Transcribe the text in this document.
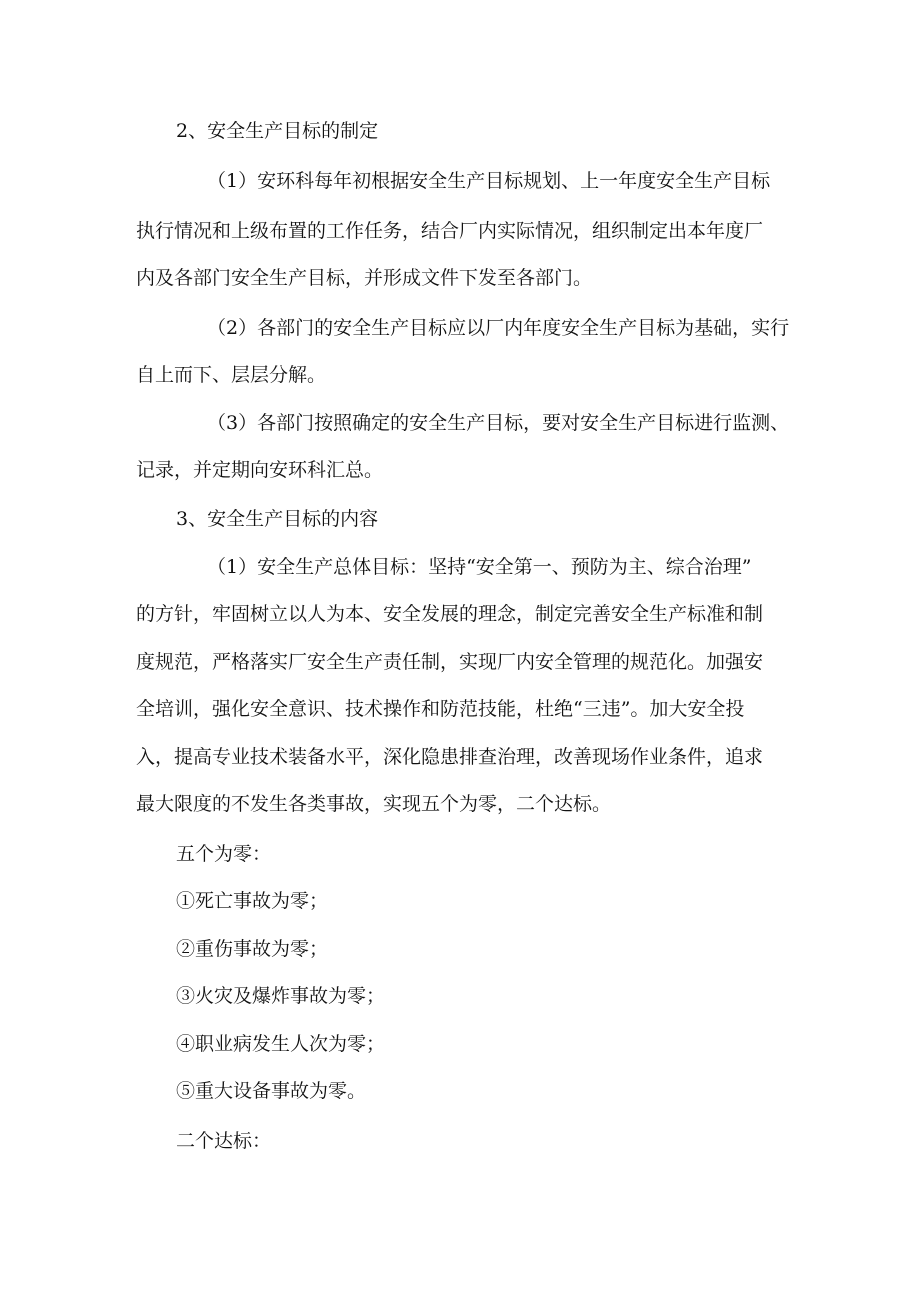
2、安全生产目标的制定
（1）安环科每年初根据安全生产目标规划、上一年度安全生产目标
执行情况和上级布置的工作任务，结合厂内实际情况，组织制定出本年度厂
内及各部门安全生产目标，并形成文件下发至各部门。
（2）各部门的安全生产目标应以厂内年度安全生产目标为基础，实行
自上而下、层层分解。
（3）各部门按照确定的安全生产目标，要对安全生产目标进行监测、
记录，并定期向安环科汇总。
3、安全生产目标的内容
（1）安全生产总体目标：坚持“安全第一、预防为主、综合治理”
的方针，牢固树立以人为本、安全发展的理念，制定完善安全生产标准和制
度规范，严格落实厂安全生产责任制，实现厂内安全管理的规范化。加强安
全培训，强化安全意识、技术操作和防范技能，杜绝“三违”。加大安全投
入，提高专业技术装备水平，深化隐患排查治理，改善现场作业条件，追求
最大限度的不发生各类事故，实现五个为零，二个达标。
五个为零：
①死亡事故为零；
②重伤事故为零；
③火灾及爆炸事故为零；
④职业病发生人次为零；
⑤重大设备事故为零。
二个达标：
